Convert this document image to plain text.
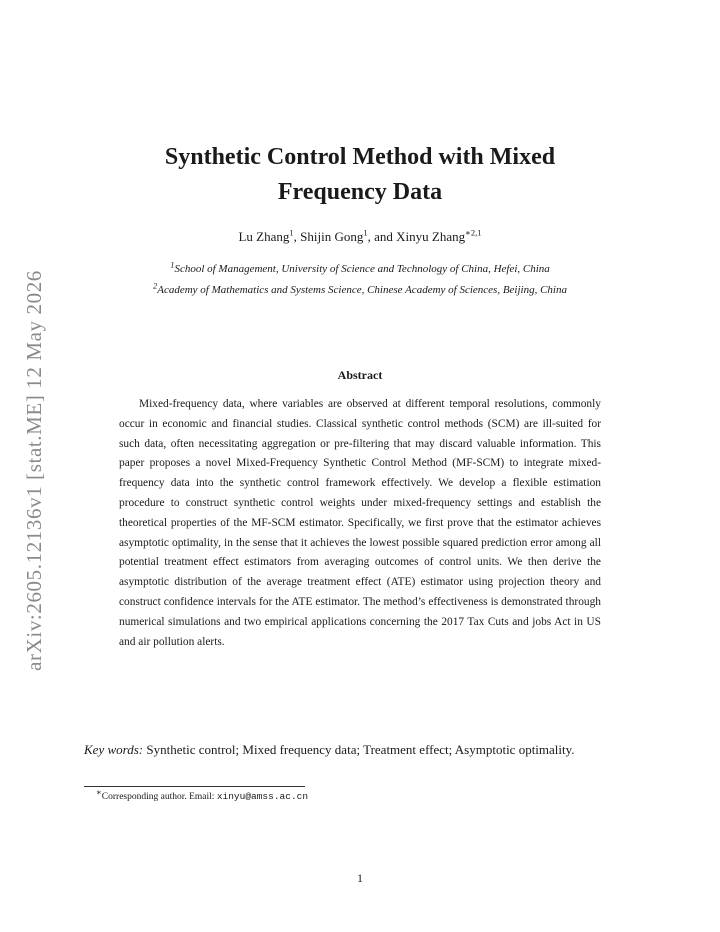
arXiv:2605.12136v1 [stat.ME] 12 May 2026
Synthetic Control Method with Mixed
Frequency Data
Lu Zhang$^1$, Shijin Gong$^1$, and Xinyu Zhang$^{∗2,1}$
$^1$School of Management, University of Science and Technology of China, Hefei, China
$^2$Academy of Mathematics and Systems Science, Chinese Academy of Sciences, Beijing, China
Abstract

Mixed-frequency data, where variables are observed at different temporal resolutions, commonly occur in economic and financial studies. Classical synthetic control methods (SCM) are ill-suited for such data, often necessitating aggregation or pre-filtering that may discard valuable information. This paper proposes a novel Mixed-Frequency Synthetic Control Method (MF-SCM) to integrate mixed-frequency data into the synthetic control framework effectively. We develop a flexible estimation procedure to construct synthetic control weights under mixed-frequency settings and establish the theoretical properties of the MF-SCM estimator. Specifically, we first prove that the estimator achieves asymptotic optimality, in the sense that it achieves the lowest possible squared prediction error among all potential treatment effect estimators from averaging outcomes of control units. We then derive the asymptotic distribution of the average treatment effect (ATE) estimator using projection theory and construct confidence intervals for the ATE estimator. The method’s effectiveness is demonstrated through numerical simulations and two empirical applications concerning the 2017 Tax Cuts and jobs Act in US and air pollution alerts.

Key words: Synthetic control; Mixed frequency data; Treatment effect; Asymptotic optimality.

∗Corresponding author. Email: xinyu@amss.ac.cn
1
